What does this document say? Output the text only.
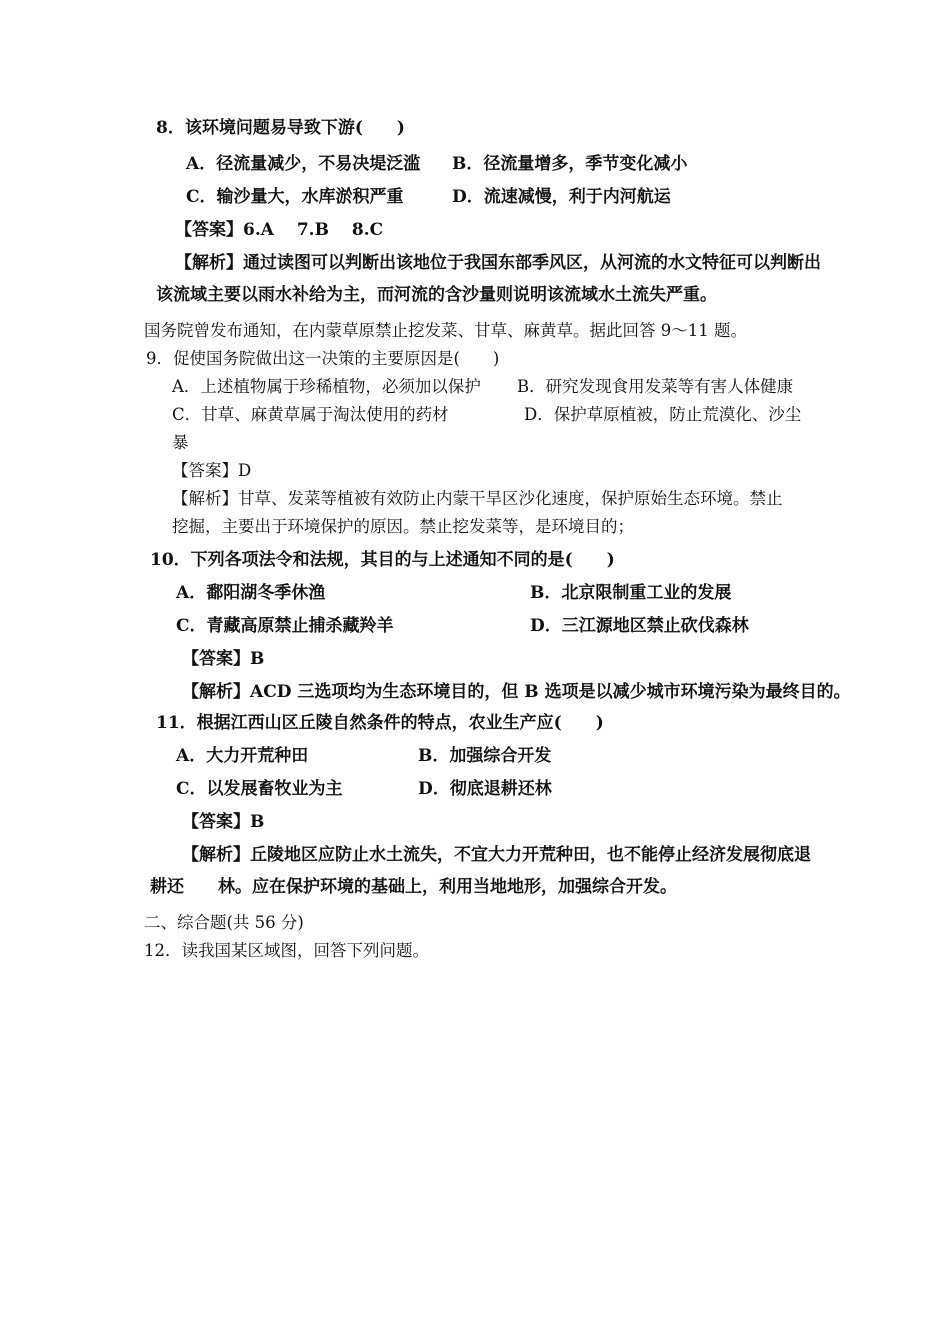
8．该环境问题易导致下游(　　)
A．径流量减少，不易决堤泛滥 B．径流量增多，季节变化减小
C．输沙量大，水库淤积严重	D．流速减慢，利于内河航运
【答案】6.A　 7.B　 8.C
【解析】通过读图可以判断出该地位于我国东部季风区，从河流的水文特征可以判断出
该流域主要以雨水补给为主，而河流的含沙量则说明该流域水土流失严重。
国务院曾发布通知，在内蒙草原禁止挖发菜、甘草、麻黄草。据此回答 9～11 题。
9．促使国务院做出这一决策的主要原因是(　　)
A．上述植物属于珍稀植物，必须加以保护 B．研究发现食用发菜等有害人体健康
C．甘草、麻黄草属于淘汰使用的药材	D．保护草原植被，防止荒漠化、沙尘
暴
【答案】D
【解析】甘草、发菜等植被有效防止内蒙干旱区沙化速度，保护原始生态环境。禁止
挖掘，主要出于环境保护的原因。禁止挖发菜等，是环境目的；
10．下列各项法令和法规，其目的与上述通知不同的是(　　)
A．鄱阳湖冬季休渔	B．北京限制重工业的发展
C．青藏高原禁止捕杀藏羚羊	D．三江源地区禁止砍伐森林
【答案】B
【解析】ACD 三选项均为生态环境目的，但 B 选项是以减少城市环境污染为最终目的。
11．根据江西山区丘陵自然条件的特点，农业生产应(　　)
A．大力开荒种田	B．加强综合开发
C．以发展畜牧业为主	D．彻底退耕还林
【答案】B
【解析】丘陵地区应防止水土流失，不宜大力开荒种田，也不能停止经济发展彻底退
耕还　　林。应在保护环境的基础上，利用当地地形，加强综合开发。
二、综合题(共 56 分)
12．读我国某区域图，回答下列问题。
